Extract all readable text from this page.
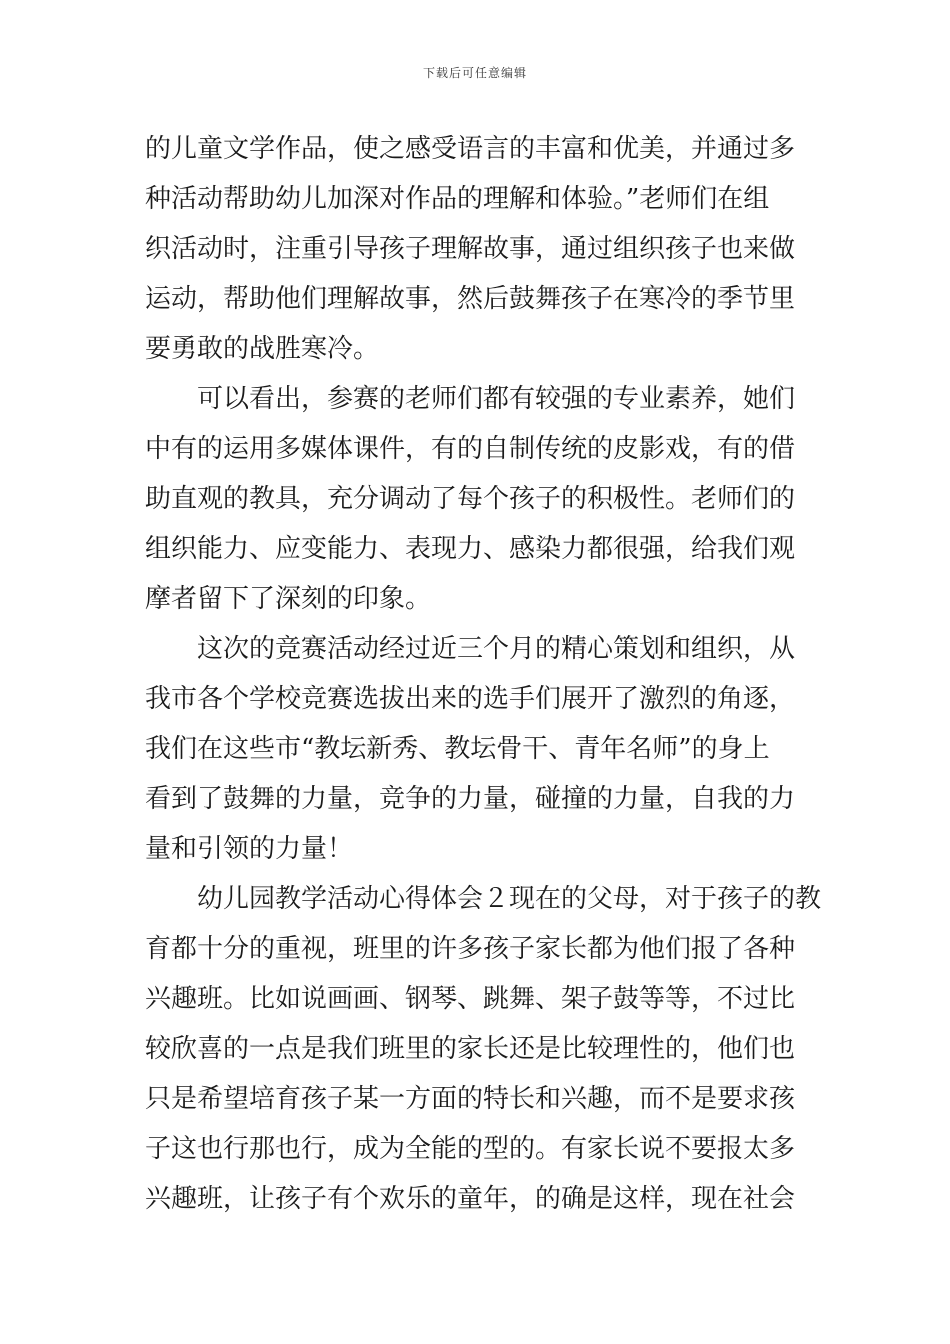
下载后可任意编辑
的儿童文学作品，使之感受语言的丰富和优美，并通过多
种活动帮助幼儿加深对作品的理解和体验。”老师们在组
织活动时，注重引导孩子理解故事，通过组织孩子也来做
运动，帮助他们理解故事，然后鼓舞孩子在寒冷的季节里
要勇敢的战胜寒冷。
　　可以看出，参赛的老师们都有较强的专业素养，她们
中有的运用多媒体课件，有的自制传统的皮影戏，有的借
助直观的教具，充分调动了每个孩子的积极性。老师们的
组织能力、应变能力、表现力、感染力都很强，给我们观
摩者留下了深刻的印象。
　　这次的竞赛活动经过近三个月的精心策划和组织，从
我市各个学校竞赛选拔出来的选手们展开了激烈的角逐，
我们在这些市“教坛新秀、教坛骨干、青年名师”的身上
看到了鼓舞的力量，竞争的力量，碰撞的力量，自我的力
量和引领的力量！
　　幼儿园教学活动心得体会２现在的父母，对于孩子的教
育都十分的重视，班里的许多孩子家长都为他们报了各种
兴趣班。比如说画画、钢琴、跳舞、架子鼓等等，不过比
较欣喜的一点是我们班里的家长还是比较理性的，他们也
只是希望培育孩子某一方面的特长和兴趣，而不是要求孩
子这也行那也行，成为全能的型的。有家长说不要报太多
兴趣班，让孩子有个欢乐的童年，的确是这样，现在社会
